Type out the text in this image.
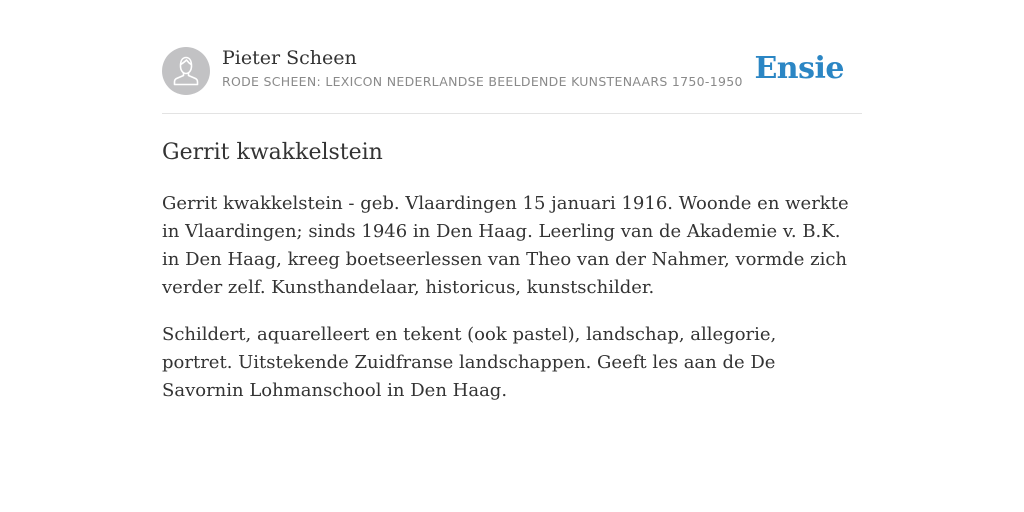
Pieter Scheen
RODE SCHEEN: LEXICON NEDERLANDSE BEELDENDE KUNSTENAARS 1750-1950 Ensie
Gerrit kwakkelstein

Gerrit kwakkelstein - geb. Vlaardingen 15 januari 1916. Woonde en werkte in Vlaardingen; sinds 1946 in Den Haag. Leerling van de Akademie v. B.K. in Den Haag, kreeg boetseerlessen van Theo van der Nahmer, vormde zich verder zelf. Kunsthandelaar, historicus, kunstschilder.

Schildert, aquarelleert en tekent (ook pastel), landschap, allegorie, portret. Uitstekende Zuidfranse landschappen. Geeft les aan de De Savornin Lohmanschool in Den Haag.
